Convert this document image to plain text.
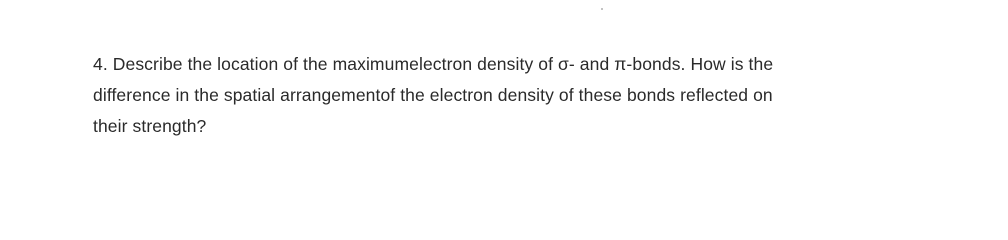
4. Describe the location of the maximumelectron density of σ- and π-bonds. How is the
difference in the spatial arrangementof the electron density of these bonds reflected on
their strength?
